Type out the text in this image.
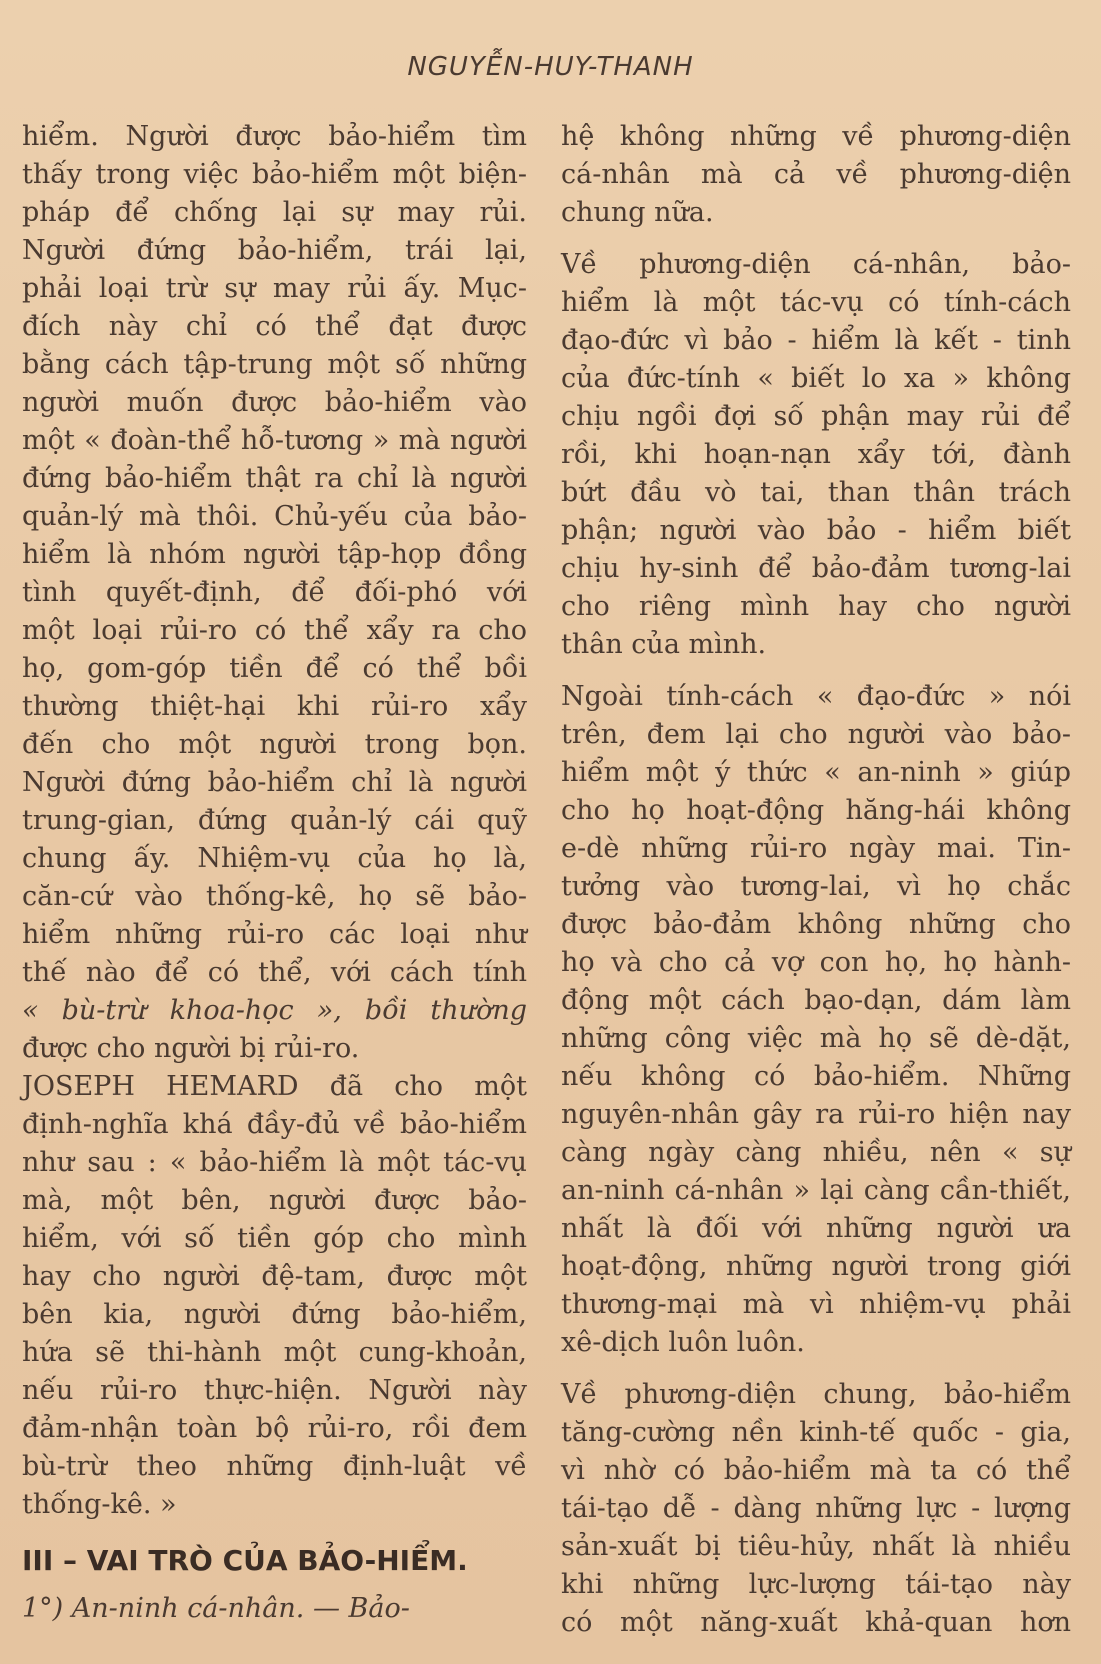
NGUYỄN-HUY-THANH
hiểm. Người được bảo-hiểm tìm
thấy trong việc bảo-hiểm một biện-
pháp để chống lại sự may rủi.
Người đứng bảo-hiểm, trái lại,
phải loại trừ sự may rủi ấy. Mục-
đích này chỉ có thể đạt được
bằng cách tập-trung một số những
người muốn được bảo-hiểm vào
một « đoàn-thể hỗ-tương » mà người
đứng bảo-hiểm thật ra chỉ là người
quản-lý mà thôi. Chủ-yếu của bảo-
hiểm là nhóm người tập-họp đồng
tình quyết-định, để đối-phó với
một loại rủi-ro có thể xẩy ra cho
họ, gom-góp tiền để có thể bồi
thường thiệt-hại khi rủi-ro xẩy
đến cho một người trong bọn.
Người đứng bảo-hiểm chỉ là người
trung-gian, đứng quản-lý cái quỹ
chung ấy. Nhiệm-vụ của họ là,
căn-cứ vào thống-kê, họ sẽ bảo-
hiểm những rủi-ro các loại như
thế nào để có thể, với cách tính
« bù-trừ khoa-học », bồi thường
được cho người bị rủi-ro.
JOSEPH HEMARD đã cho một
định-nghĩa khá đầy-đủ về bảo-hiểm
như sau : « bảo-hiểm là một tác-vụ
mà, một bên, người được bảo-
hiểm, với số tiền góp cho mình
hay cho người đệ-tam, được một
bên kia, người đứng bảo-hiểm,
hứa sẽ thi-hành một cung-khoản,
nếu rủi-ro thực-hiện. Người này
đảm-nhận toàn bộ rủi-ro, rồi đem
bù-trừ theo những định-luật về
thống-kê. »
III – VAI TRÒ CỦA BẢO-HIỂM.
1°) An-ninh cá-nhân. — Bảo-
hệ không những về phương-diện
cá-nhân mà cả về phương-diện
chung nữa.
Về phương-diện cá-nhân, bảo-
hiểm là một tác-vụ có tính-cách
đạo-đức vì bảo - hiểm là kết - tinh
của đức-tính « biết lo xa » không
chịu ngồi đợi số phận may rủi để
rồi, khi hoạn-nạn xẩy tới, đành
bứt đầu vò tai, than thân trách
phận; người vào bảo - hiểm biết
chịu hy-sinh để bảo-đảm tương-lai
cho riêng mình hay cho người
thân của mình.
Ngoài tính-cách « đạo-đức » nói
trên, đem lại cho người vào bảo-
hiểm một ý thức « an-ninh » giúp
cho họ hoạt-động hăng-hái không
e-dè những rủi-ro ngày mai. Tin-
tưởng vào tương-lai, vì họ chắc
được bảo-đảm không những cho
họ và cho cả vợ con họ, họ hành-
động một cách bạo-dạn, dám làm
những công việc mà họ sẽ dè-dặt,
nếu không có bảo-hiểm. Những
nguyên-nhân gây ra rủi-ro hiện nay
càng ngày càng nhiều, nên « sự
an-ninh cá-nhân » lại càng cần-thiết,
nhất là đối với những người ưa
hoạt-động, những người trong giới
thương-mại mà vì nhiệm-vụ phải
xê-dịch luôn luôn.
Về phương-diện chung, bảo-hiểm
tăng-cường nền kinh-tế quốc - gia,
vì nhờ có bảo-hiểm mà ta có thể
tái-tạo dễ - dàng những lực - lượng
sản-xuất bị tiêu-hủy, nhất là nhiều
khi những lực-lượng tái-tạo này
có một năng-xuất khả-quan hơn
